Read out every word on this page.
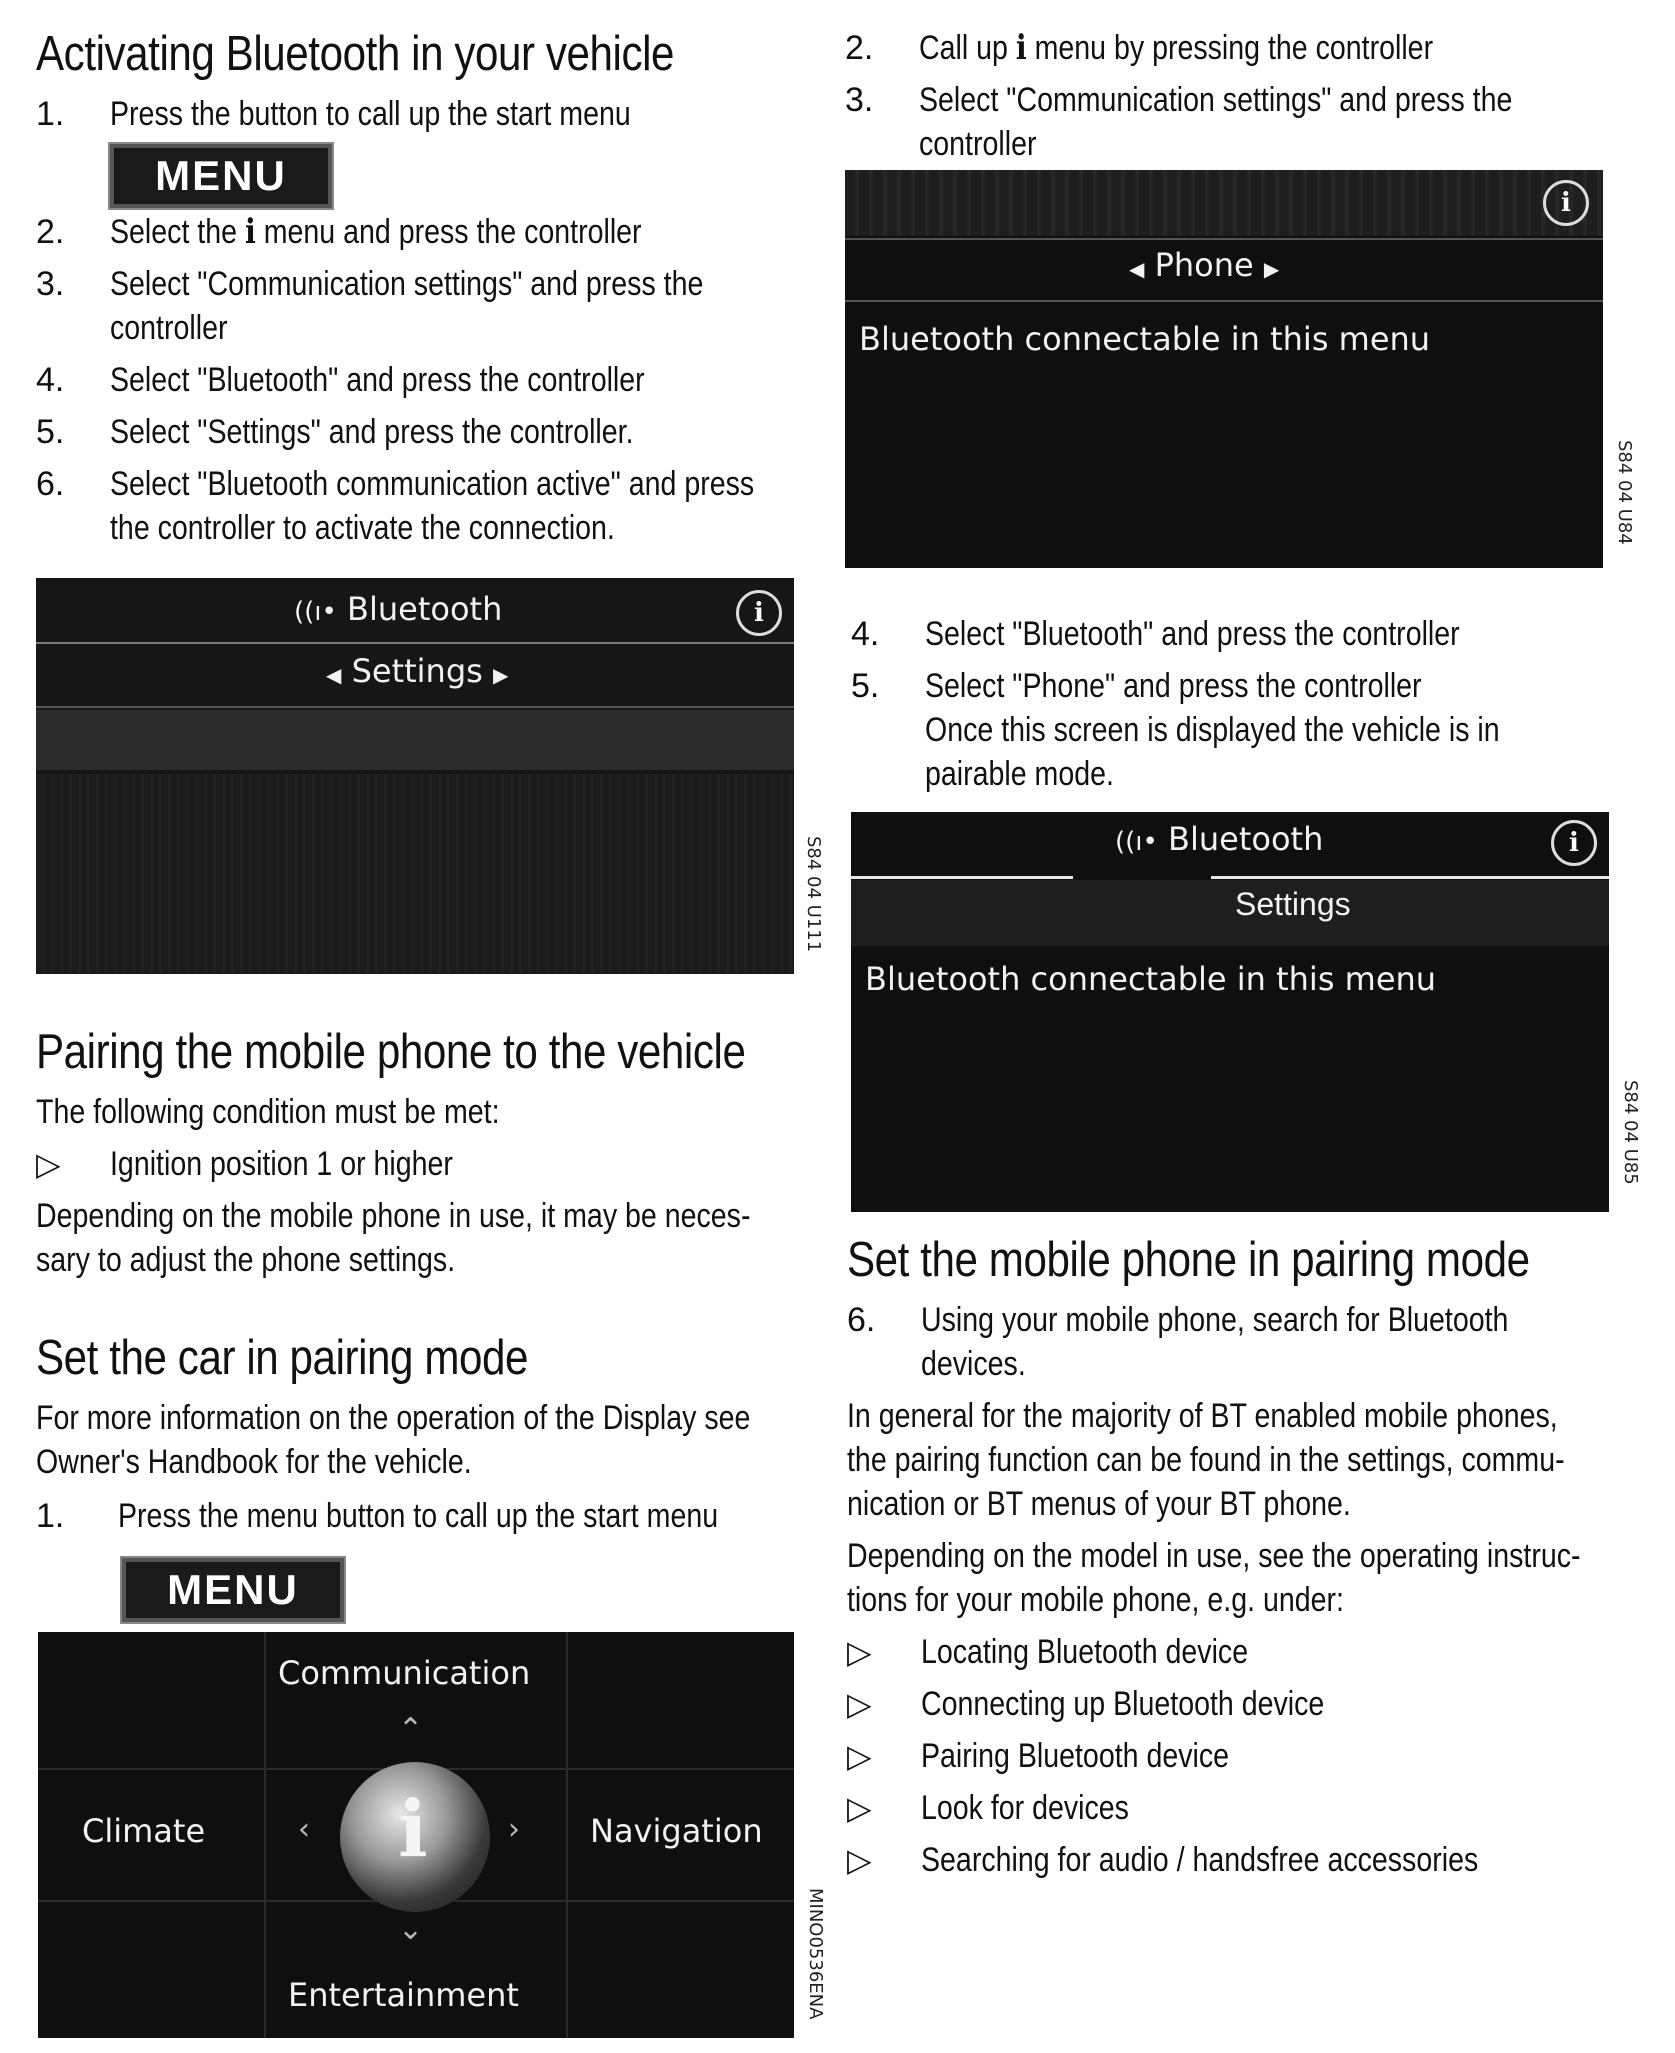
Activating Bluetooth in your vehicle
1. Press the button to call up the start menu
MENU
2. Select the ℹ menu and press the controller
3. Select "Communication settings" and press the
controller
4. Select "Bluetooth" and press the controller
5. Select "Settings" and press the controller.
6. Select "Bluetooth communication active" and press
the controller to activate the connection.
((ı• Bluetooth	i
◀ Settings ▶
S84 04 U111
Pairing the mobile phone to the vehicle
The following condition must be met:
▷ Ignition position 1 or higher
Depending on the mobile phone in use, it may be neces-
sary to adjust the phone settings.
Set the car in pairing mode
For more information on the operation of the Display see
Owner's Handbook for the vehicle.
1. Press the menu button to call up the start menu
MENU
Communication
Climate	Navigation
Entertainment
i
⌃
⌄
‹	›
MINO0536ENA
2. Call up ℹ menu by pressing the controller
3. Select "Communication settings" and press the
controller
i
◀ Phone ▶
Bluetooth connectable in this menu
S84 04 U84
4. Select "Bluetooth" and press the controller
5. Select "Phone" and press the controller
Once this screen is displayed the vehicle is in
pairable mode.
((ı• Bluetooth	i
Settings
Bluetooth connectable in this menu
S84 04 U85
Set the mobile phone in pairing mode
6. Using your mobile phone, search for Bluetooth
devices.
In general for the majority of BT enabled mobile phones,
the pairing function can be found in the settings, commu-
nication or BT menus of your BT phone.
Depending on the model in use, see the operating instruc-
tions for your mobile phone, e.g. under:
▷ Locating Bluetooth device
▷ Connecting up Bluetooth device
▷ Pairing Bluetooth device
▷ Look for devices
▷ Searching for audio / handsfree accessories
